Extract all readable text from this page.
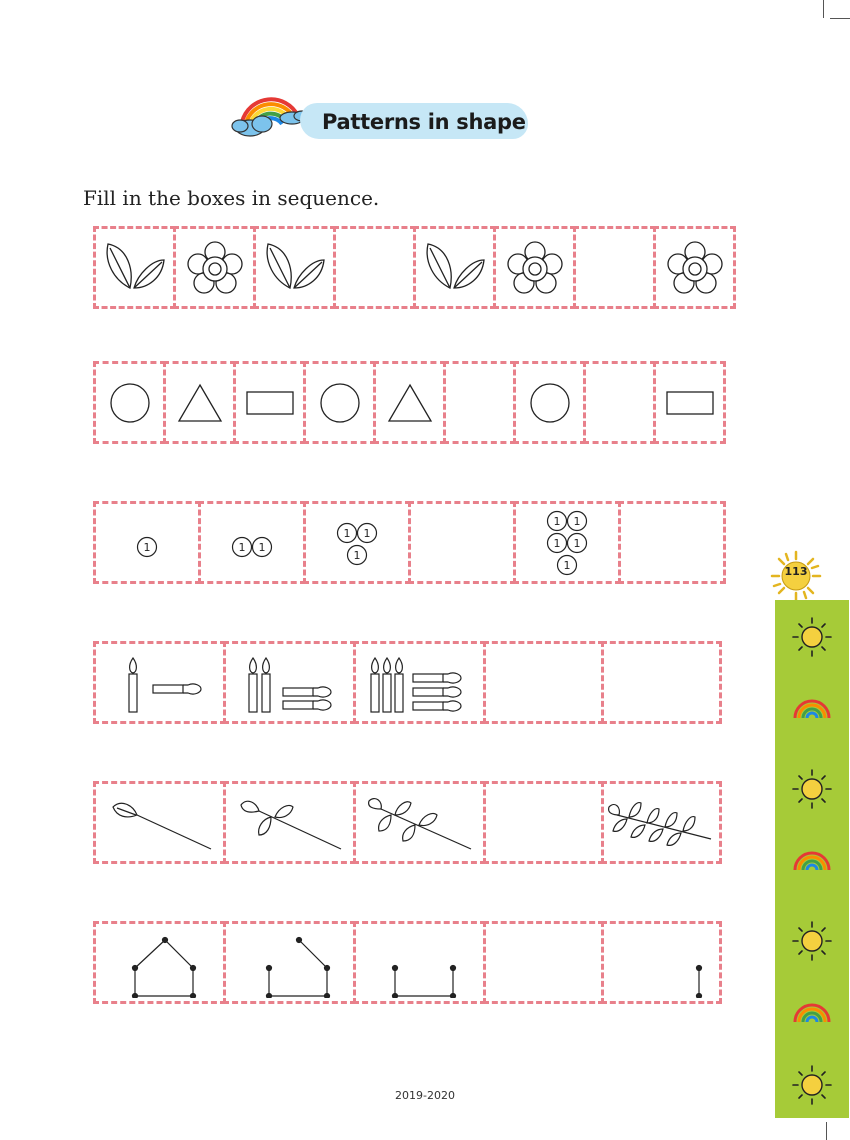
Patterns in shape
Fill in the boxes in sequence.
1	1 1
1 1
1
1 1
1 1
1	113
2019-2020
